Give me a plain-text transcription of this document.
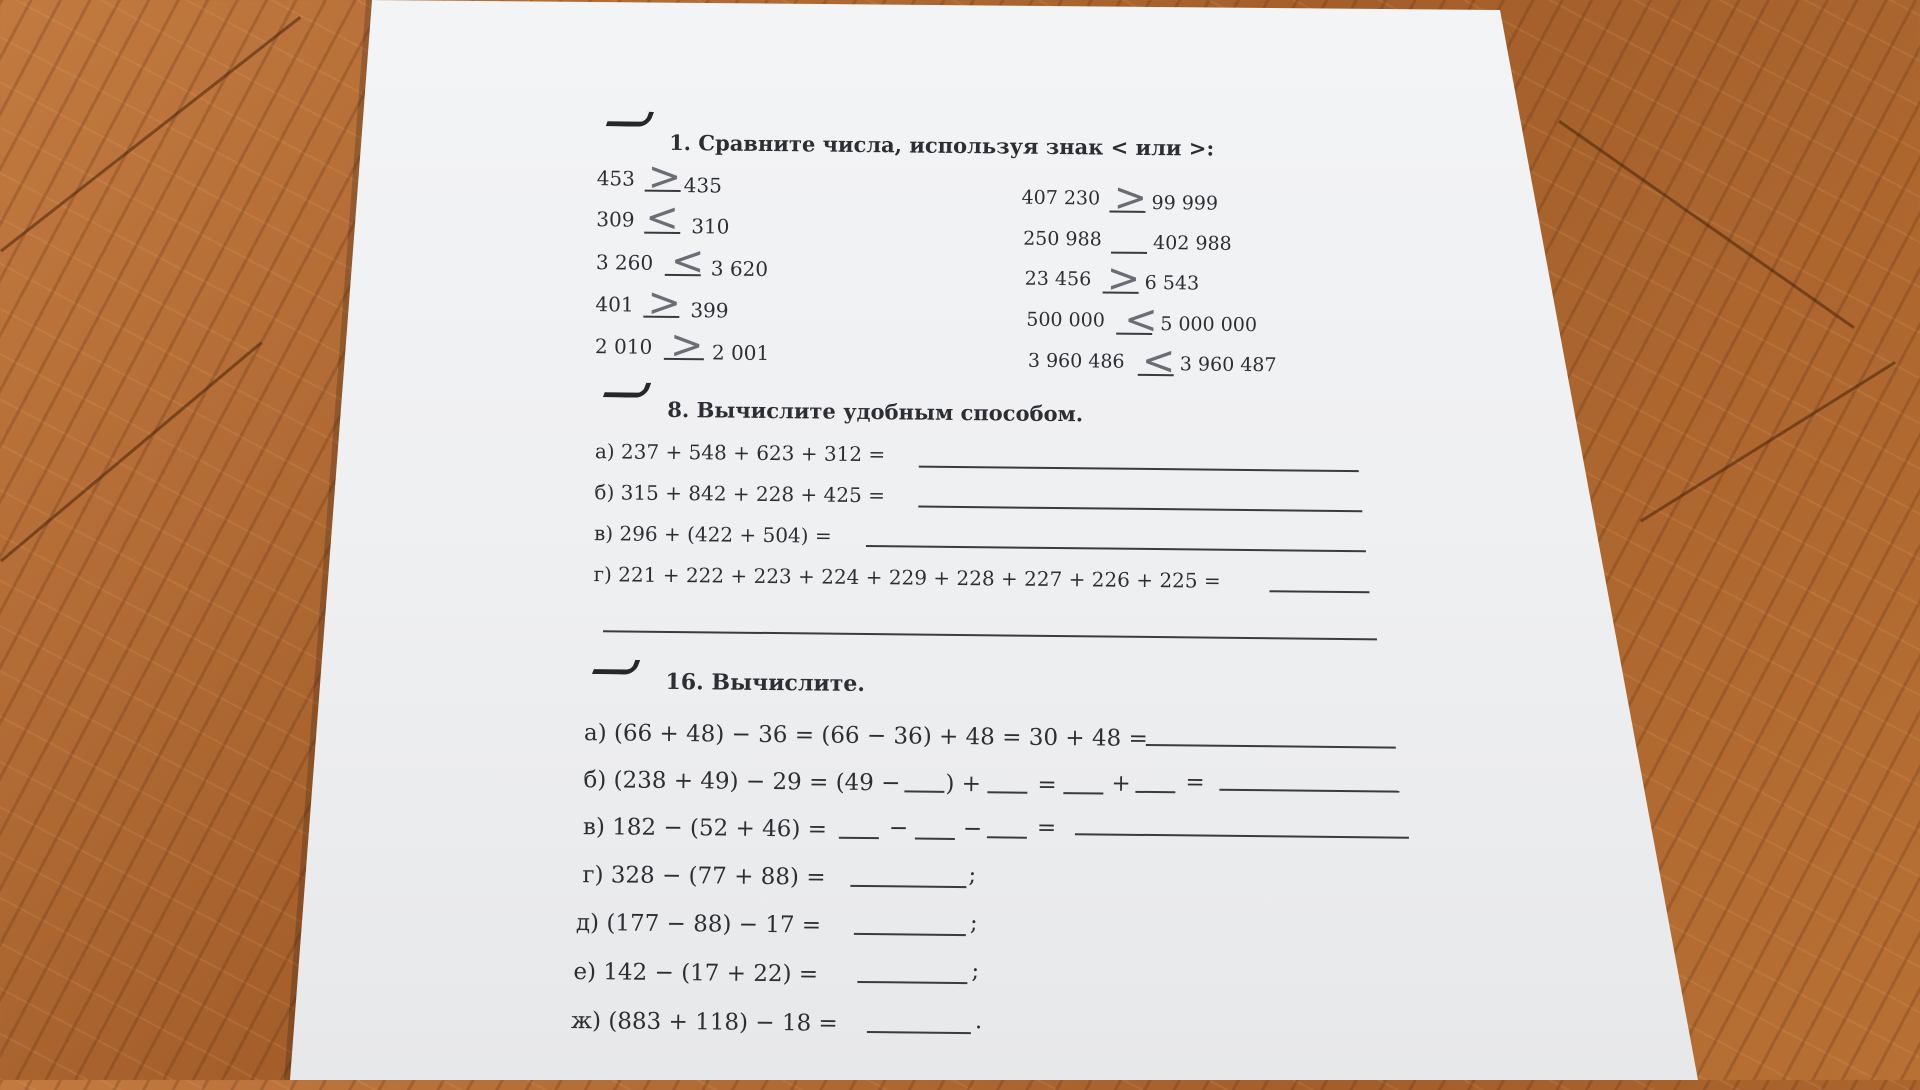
1. Сравните числа, используя знак < или >:
453 > 435
309 < 310
3 260 < 3 620
401 > 399
2 010 > 2 001
407 230 > 99 999
250 988	402 988
23 456 > 6 543
500 000 < 5 000 000
3 960 486 < 3 960 487
8. Вычислите удобным способом.
а) 237 + 548 + 623 + 312 =
б) 315 + 842 + 228 + 425 =
в) 296 + (422 + 504) =
г) 221 + 222 + 223 + 224 + 229 + 228 + 227 + 226 + 225 =
16. Вычислите.
а) (66 + 48) − 36 = (66 − 36) + 48 = 30 + 48 =
б) (238 + 49) − 29 = (49 − ) + = + =
в) 182 − (52 + 46) =	− − =
г) 328 − (77 + 88) =	;
д) (177 − 88) − 17 =	;
е) 142 − (17 + 22) =	;
ж) (883 + 118) − 18 =	.
